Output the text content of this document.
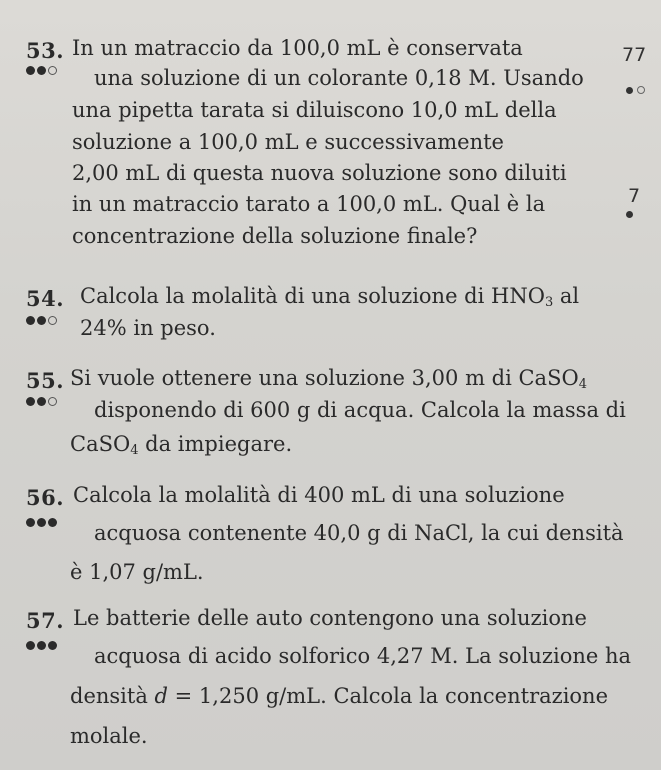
77
7
53. In un matraccio da 100,0 mL è conservata
una soluzione di un colorante 0,18 M. Usando
una pipetta tarata si diluiscono 10,0 mL della
soluzione a 100,0 mL e successivamente
2,00 mL di questa nuova soluzione sono diluiti
in un matraccio tarato a 100,0 mL. Qual è la
concentrazione della soluzione finale?
54. Calcola la molalità di una soluzione di $HNO_3$ al
24% in peso.
55. Si vuole ottenere una soluzione 3,00 m di CaSO$_4$
disponendo di 600 g di acqua. Calcola la massa di
CaSO$_4$ da impiegare.
56. Calcola la molalità di 400 mL di una soluzione
acquosa contenente 40,0 g di NaCl, la cui densità
è 1,07 g/mL.
57. Le batterie delle auto contengono una soluzione
acquosa di acido solforico 4,27 M. La soluzione ha
densità d = 1,250 g/mL. Calcola la concentrazione
molale.
